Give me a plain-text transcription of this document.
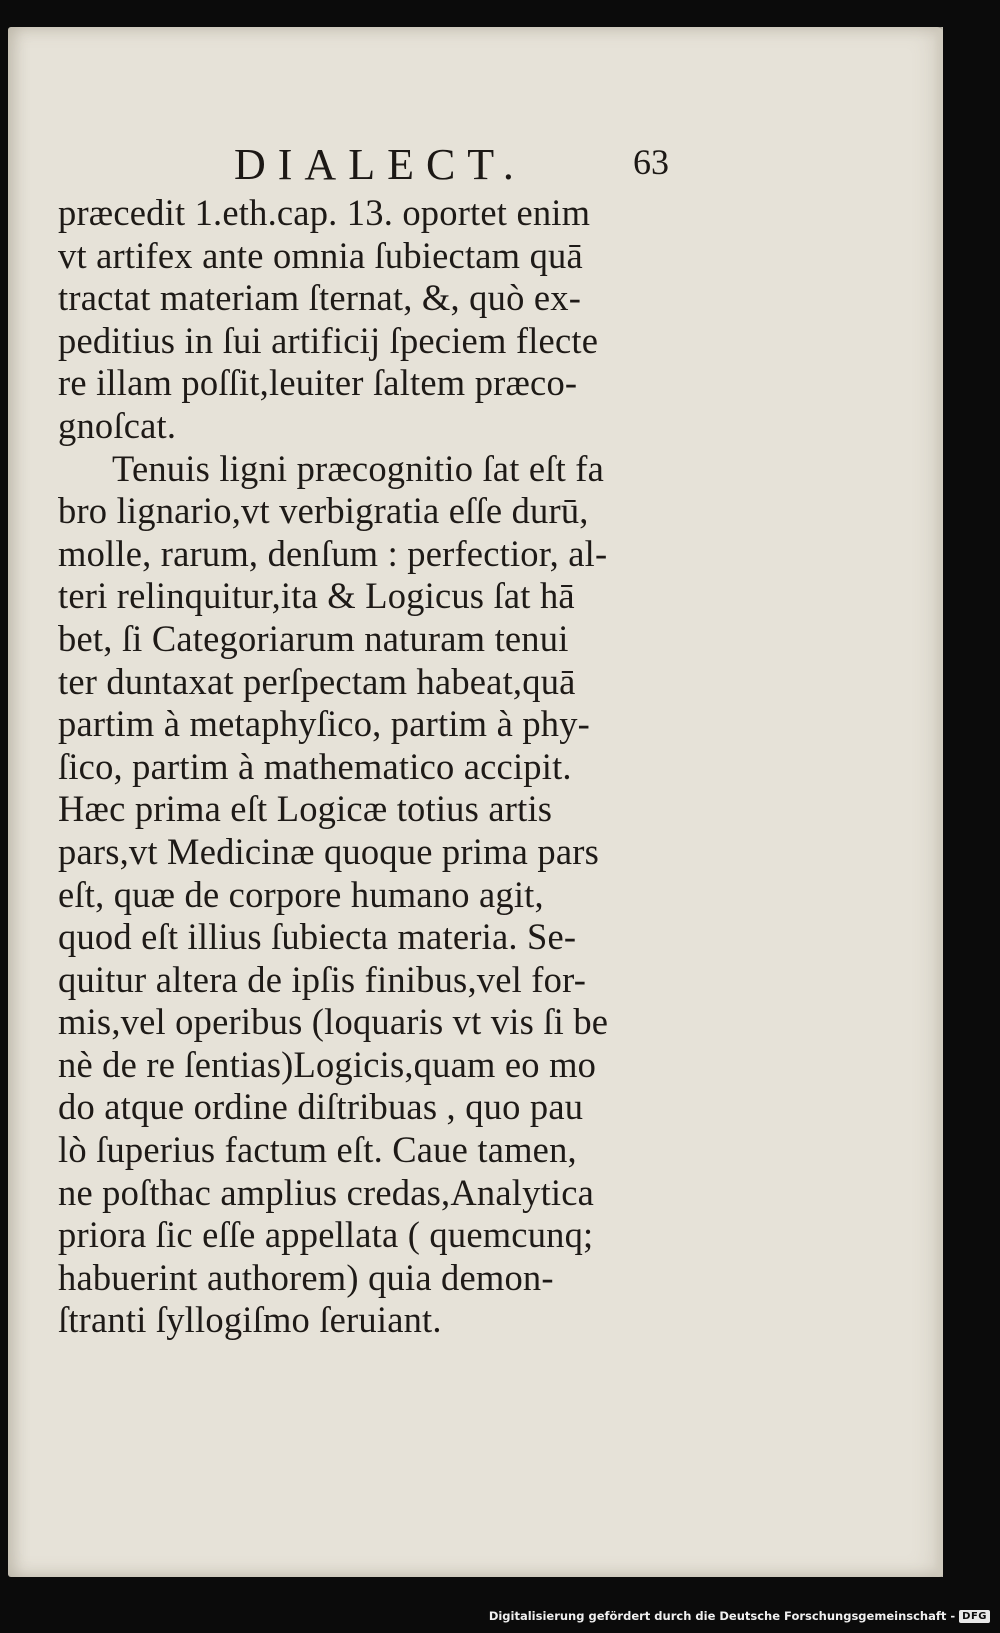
DIALECT.	63
præcedit 1.eth.cap. 13. oportet enim
vt artifex ante omnia ſubiectam quā
tractat materiam ſternat, &, quò ex-
peditius in ſui artificij ſpeciem flecte
re illam poſſit,leuiter ſaltem præco-
gnoſcat.
Tenuis ligni præcognitio ſat eſt fa
bro lignario,vt verbigratia eſſe durū,
molle, rarum, denſum : perfectior, al-
teri relinquitur,ita & Logicus ſat hā
bet, ſi Categoriarum naturam tenui
ter duntaxat perſpectam habeat,quā
partim à metaphyſico, partim à phy-
ſico, partim à mathematico accipit.
Hæc prima eſt Logicæ totius artis
pars,vt Medicinæ quoque prima pars
eſt, quæ de corpore humano agit,
quod eſt illius ſubiecta materia. Se-
quitur altera de ipſis finibus,vel for-
mis,vel operibus (loquaris vt vis ſi be
nè de re ſentias)Logicis,quam eo mo
do atque ordine diſtribuas , quo pau
lò ſuperius factum eſt. Caue tamen,
ne poſthac amplius credas,Analytica
priora ſic eſſe appellata ( quemcunq;
habuerint authorem) quia demon-
ſtranti ſyllogiſmo ſeruiant.
Digitalisierung gefördert durch die Deutsche Forschungsgemeinschaft - DFG
